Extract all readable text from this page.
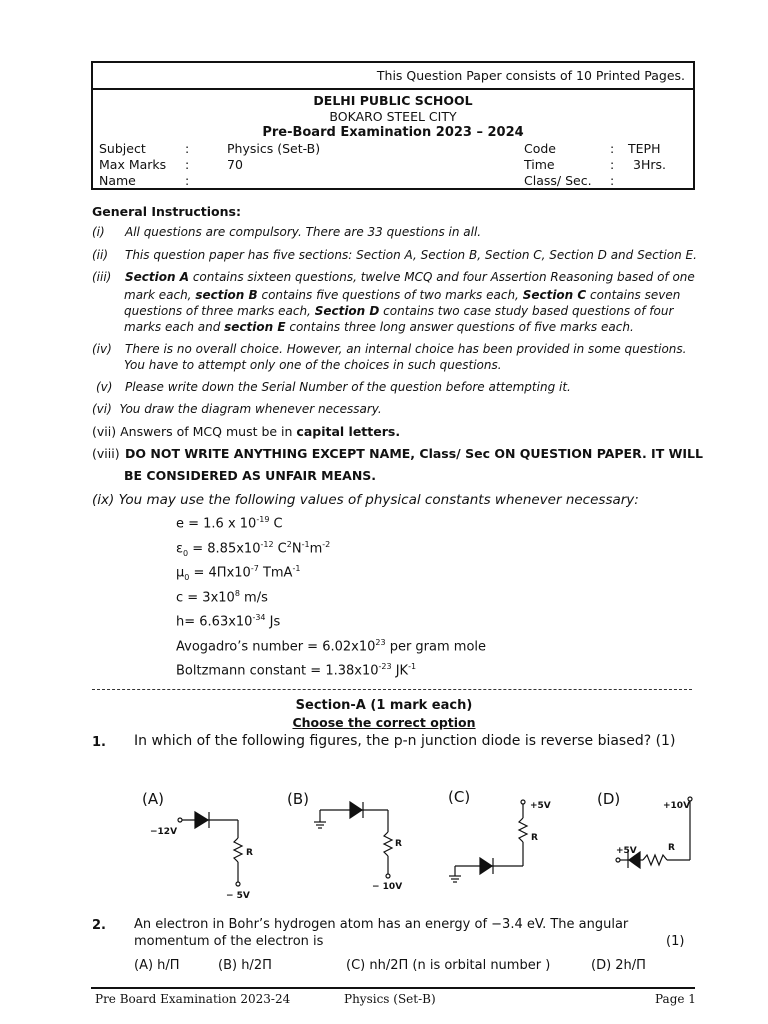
This Question Paper consists of 10 Printed Pages.
DELHI PUBLIC SCHOOL
BOKARO STEEL CITY
Pre-Board Examination 2023 – 2024
Subject	:	Physics (Set-B)	Code	: TEPH
Max Marks :	70	Time	: 3Hrs.
Name	:	Class/ Sec. :
General Instructions:
(i) All questions are compulsory. There are 33 questions in all.
(ii) This question paper has five sections: Section A, Section B, Section C, Section D and Section E.
(iii) Section A contains sixteen questions, twelve MCQ and four Assertion Reasoning based of one
mark each, section B contains five questions of two marks each, Section C contains seven
questions of three marks each, Section D contains two case study based questions of four
marks each and section E contains three long answer questions of five marks each.
(iv) There is no overall choice. However, an internal choice has been provided in some questions.
You have to attempt only one of the choices in such questions.
(v) Please write down the Serial Number of the question before attempting it.
(vi) You draw the diagram whenever necessary.
(vii) Answers of MCQ must be in capital letters.
(viii) DO NOT WRITE ANYTHING EXCEPT NAME, Class/ Sec ON QUESTION PAPER. IT WILL
BE CONSIDERED AS UNFAIR MEANS.
(ix) You may use the following values of physical constants whenever necessary:
e = 1.6 x $10^{-19}$ C
$\varepsilon_0 = 8.85x10^{-12}$ $C^2N^{-1}m^{-2}$
$\mu_0 = 4\Pi x10^{-7}$ TmA$^{-1}$
$c = 3x10^8$ m/s
$h= 6.63x10^{-34}$ Js
Avogadro’s number = $6.02x10^{23}$ per gram mole
Boltzmann constant = $1.38x10^{-23}$ $JK^{-1}$
Section-A (1 mark each)
Choose the correct option
1. In which of the following figures, the p-n junction diode is reverse biased? (1)
(A)	(B)	(C)	(D)
−12V
R
− 5V
R
− 10V
+5V
R
+10V
+5V	R
2. An electron in Bohr’s hydrogen atom has an energy of −3.4 eV. The angular
momentum of the electron is	(1)
(A) h/Π	(B) h/2Π	(C) nh/2Π (n is orbital number )	(D) 2h/Π
Pre Board Examination 2023-24	Physics (Set-B)	Page 1
